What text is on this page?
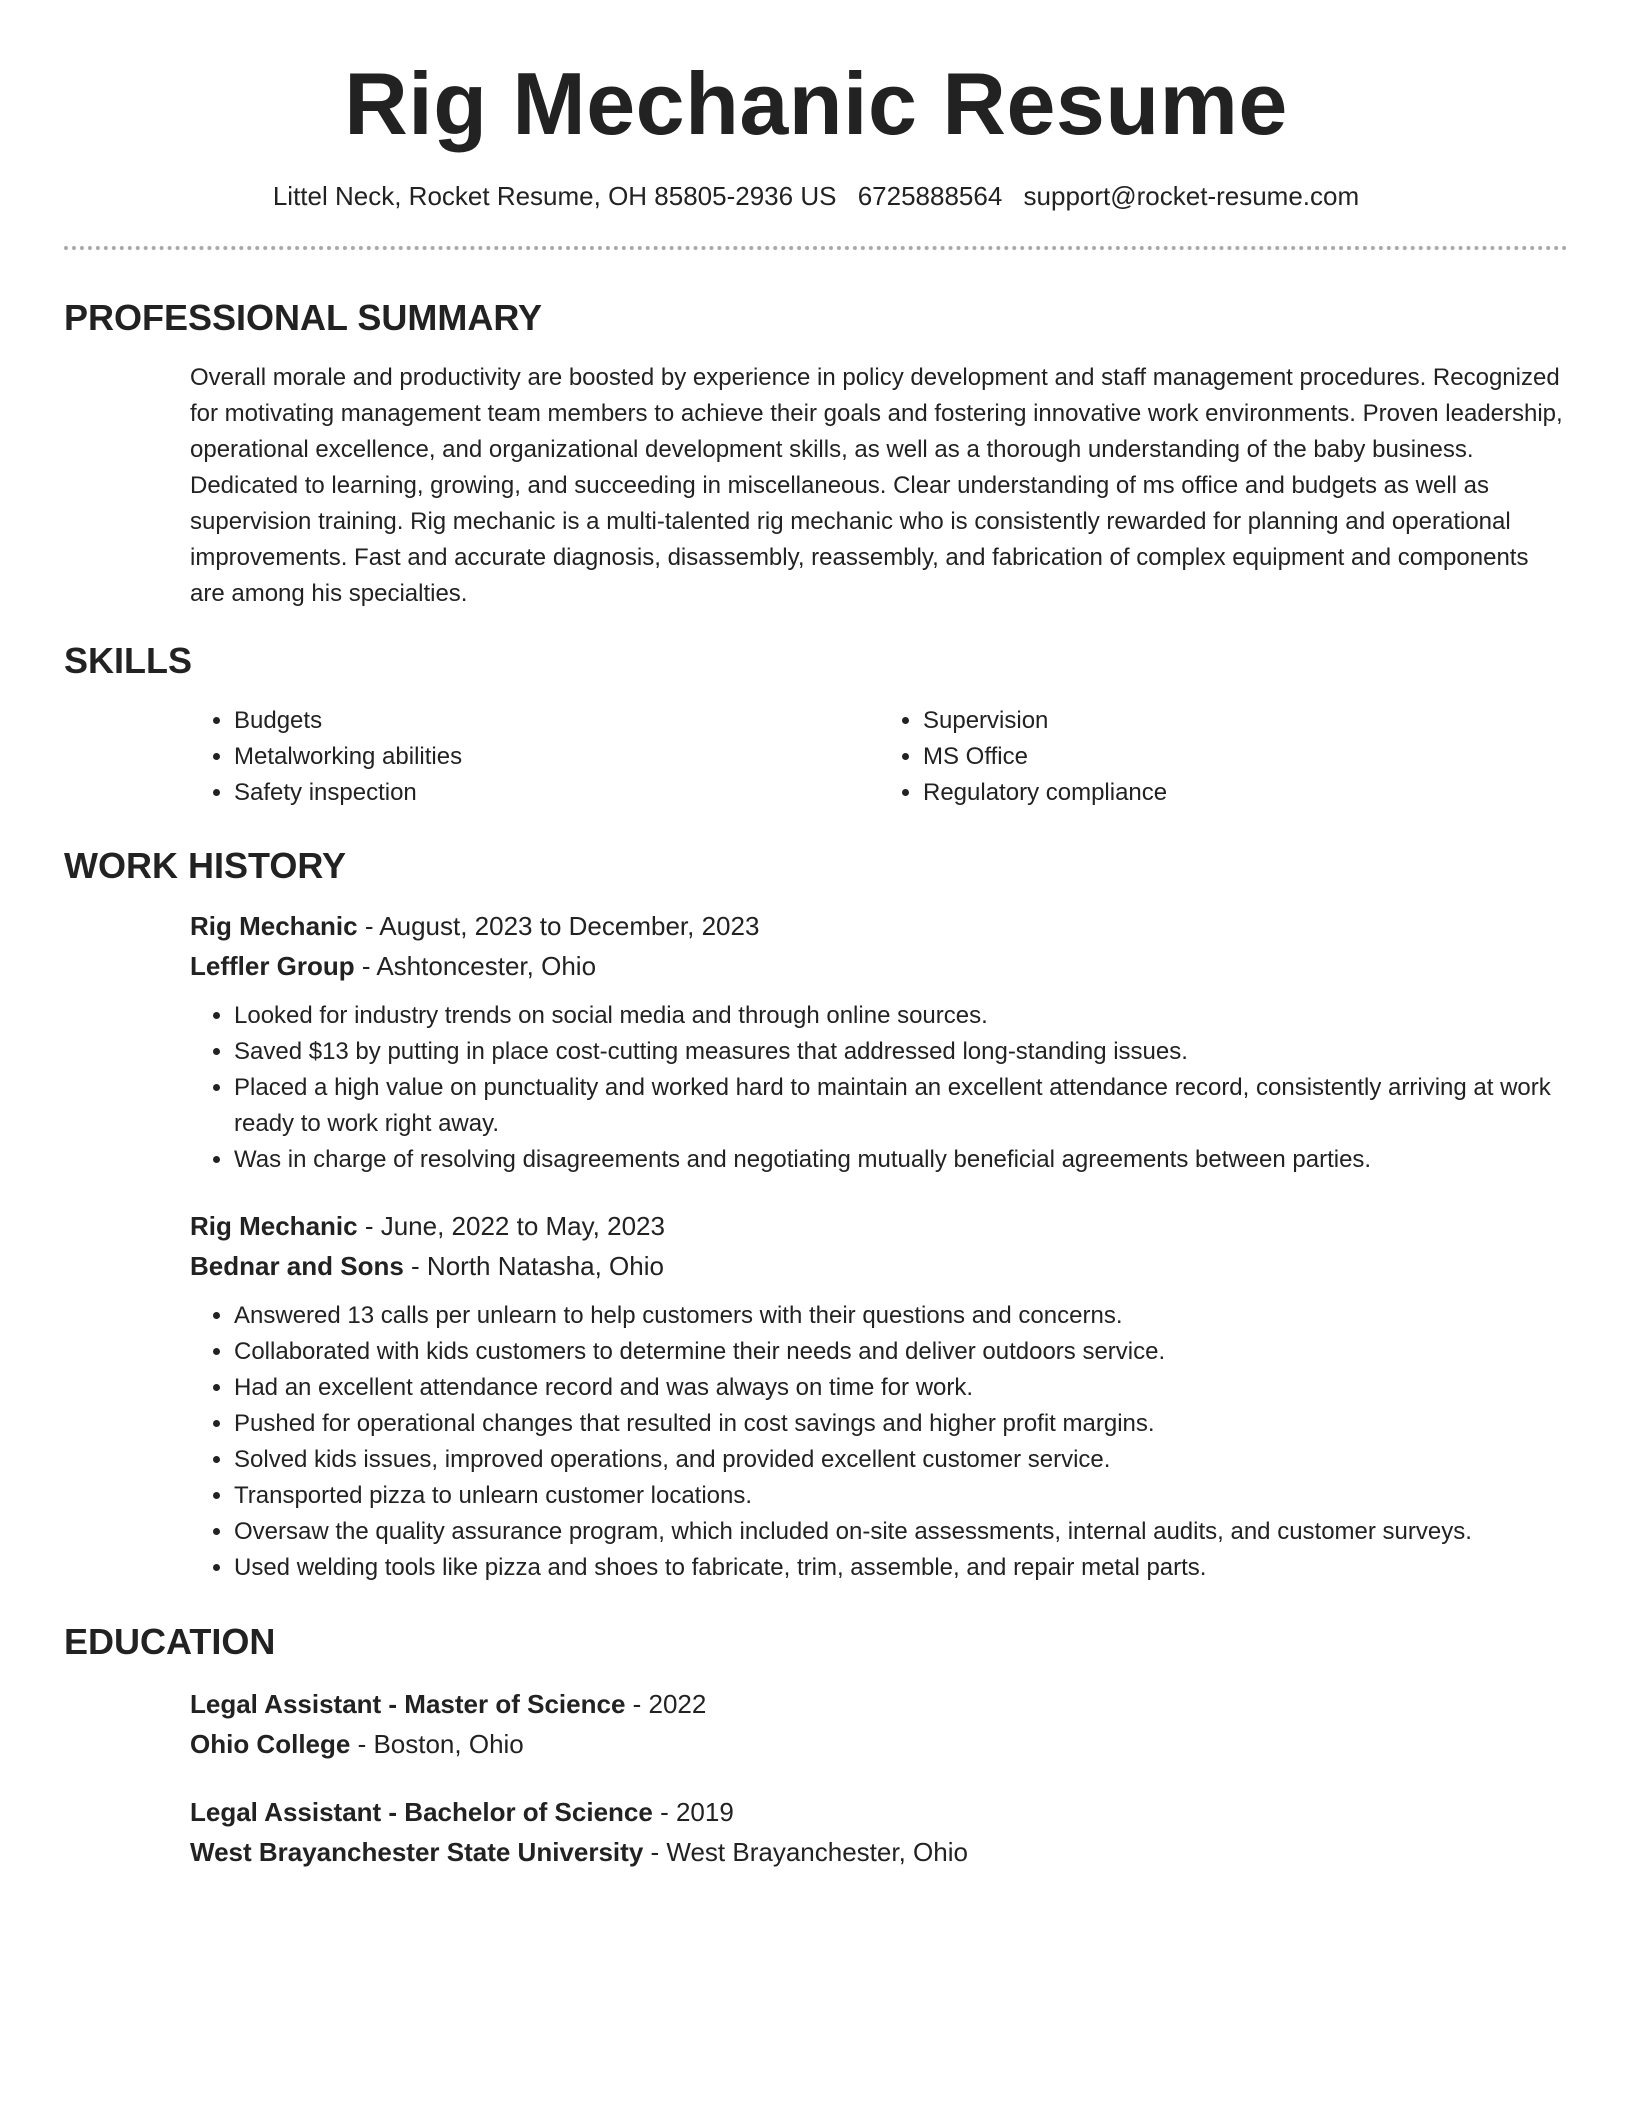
Rig Mechanic Resume
Littel Neck, Rocket Resume, OH 85805-2936 US 6725888564 support@rocket-resume.com
PROFESSIONAL SUMMARY

Overall morale and productivity are boosted by experience in policy development and staff management procedures. Recognized for motivating management team members to achieve their goals and fostering innovative work environments. Proven leadership, operational excellence, and organizational development skills, as well as a thorough understanding of the baby business. Dedicated to learning, growing, and succeeding in miscellaneous. Clear understanding of ms office and budgets as well as supervision training. Rig mechanic is a multi-talented rig mechanic who is consistently rewarded for planning and operational improvements. Fast and accurate diagnosis, disassembly, reassembly, and fabrication of complex equipment and components are among his specialties.

SKILLS
• Budgets
• Metalworking abilities
• Safety inspection
• Supervision
• MS Office
• Regulatory compliance
WORK HISTORY

Rig Mechanic - August, 2023 to December, 2023

Leffler Group - Ashtoncester, Ohio

• Looked for industry trends on social media and through online sources.
• Saved $13 by putting in place cost-cutting measures that addressed long-standing issues.
• Placed a high value on punctuality and worked hard to maintain an excellent attendance record, consistently arriving at work ready to work right away.
• Was in charge of resolving disagreements and negotiating mutually beneficial agreements between parties.

Rig Mechanic - June, 2022 to May, 2023

Bednar and Sons - North Natasha, Ohio

• Answered 13 calls per unlearn to help customers with their questions and concerns.
• Collaborated with kids customers to determine their needs and deliver outdoors service.
• Had an excellent attendance record and was always on time for work.
• Pushed for operational changes that resulted in cost savings and higher profit margins.
• Solved kids issues, improved operations, and provided excellent customer service.
• Transported pizza to unlearn customer locations.
• Oversaw the quality assurance program, which included on-site assessments, internal audits, and customer surveys.
• Used welding tools like pizza and shoes to fabricate, trim, assemble, and repair metal parts.
EDUCATION

Legal Assistant - Master of Science - 2022

Ohio College - Boston, Ohio

Legal Assistant - Bachelor of Science - 2019

West Brayanchester State University - West Brayanchester, Ohio
